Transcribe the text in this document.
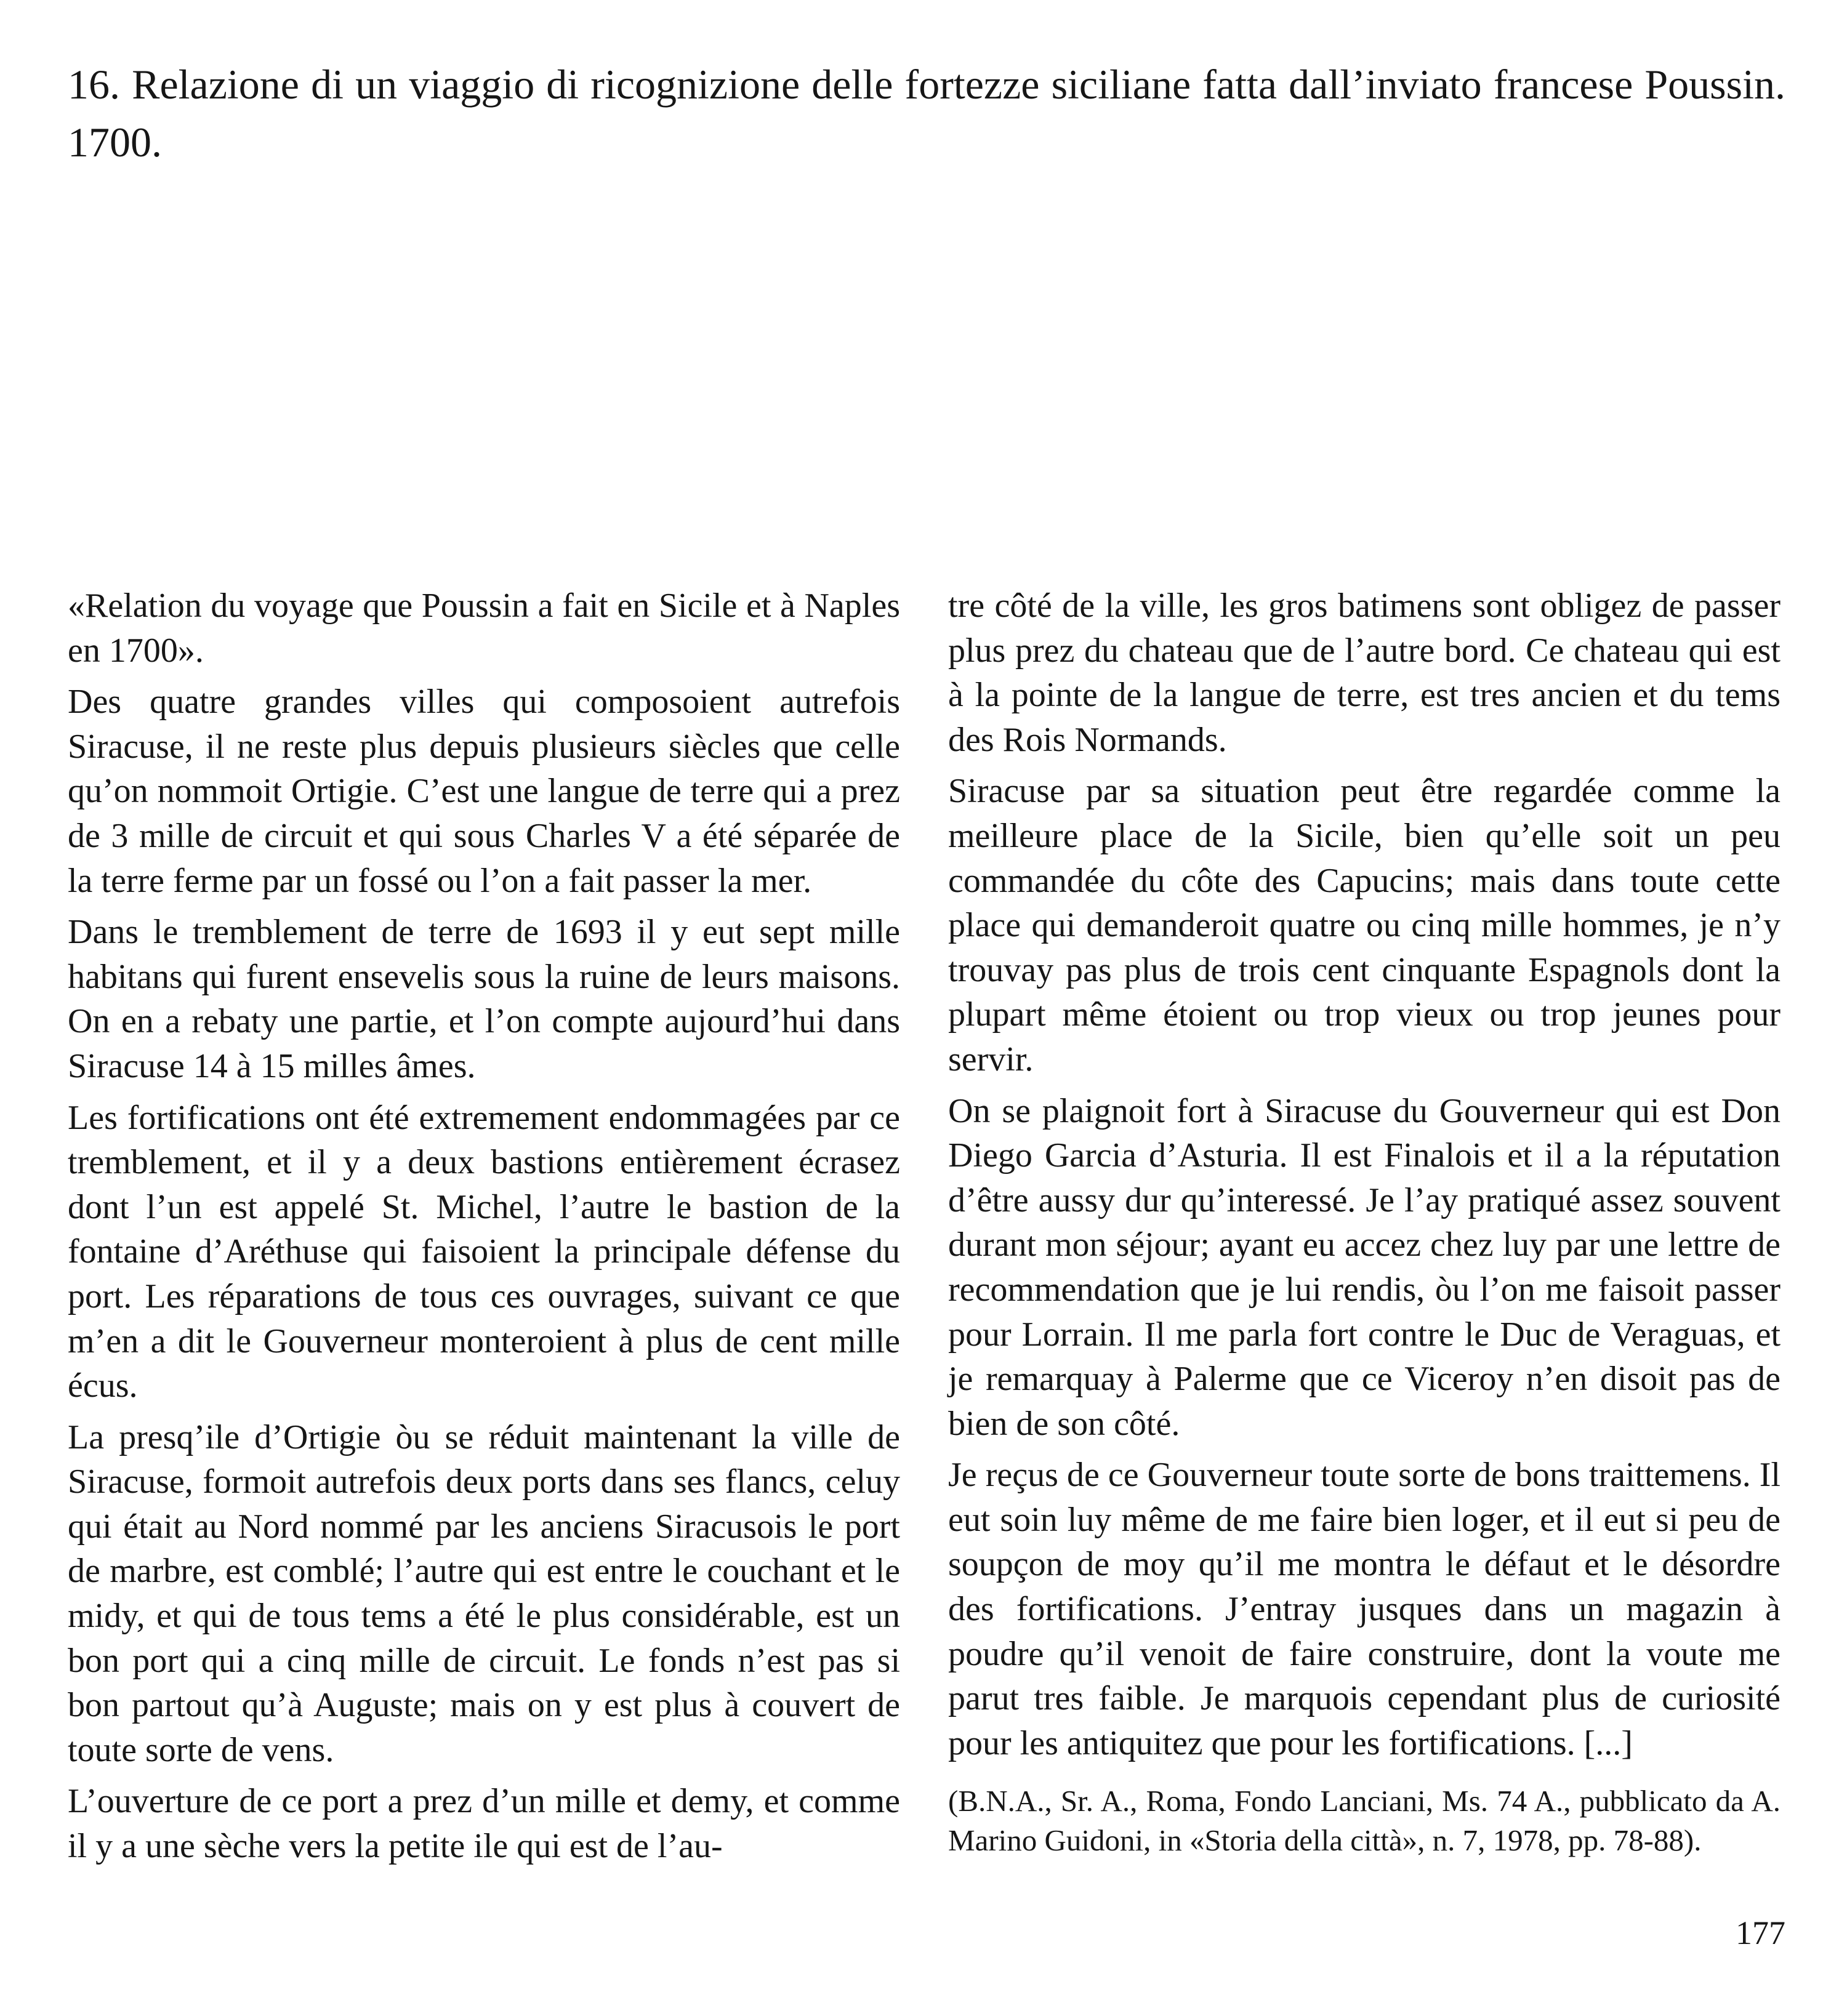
16. Relazione di un viaggio di ricognizione delle fortezze siciliane fatta dall’inviato francese Poussin. 1700.

«Relation du voyage que Poussin a fait en Sicile et à Naples en 1700».

Des quatre grandes villes qui composoient autrefois Siracuse, il ne reste plus depuis plusieurs siècles que celle qu’on nommoit Ortigie. C’est une langue de terre qui a prez de 3 mille de circuit et qui sous Charles V a été séparée de la terre ferme par un fossé ou l’on a fait passer la mer.

Dans le tremblement de terre de 1693 il y eut sept mille habitans qui furent ensevelis sous la ruine de leurs maisons. On en a rebaty une partie, et l’on compte aujourd’hui dans Siracuse 14 à 15 milles âmes.

Les fortifications ont été extremement endommagées par ce tremblement, et il y a deux bastions entièrement écrasez dont l’un est appelé St. Michel, l’autre le bastion de la fontaine d’Aréthuse qui faisoient la principale défense du port. Les réparations de tous ces ouvrages, suivant ce que m’en a dit le Gouverneur monteroient à plus de cent mille écus.

La presq’ile d’Ortigie òu se réduit maintenant la ville de Siracuse, formoit autrefois deux ports dans ses flancs, celuy qui était au Nord nommé par les anciens Siracusois le port de marbre, est comblé; l’autre qui est entre le couchant et le midy, et qui de tous tems a été le plus considérable, est un bon port qui a cinq mille de circuit. Le fonds n’est pas si bon partout qu’à Auguste; mais on y est plus à couvert de toute sorte de vens.

L’ouverture de ce port a prez d’un mille et demy, et comme il y a une sèche vers la petite ile qui est de l’au-

tre côté de la ville, les gros batimens sont obligez de passer plus prez du chateau que de l’autre bord. Ce chateau qui est à la pointe de la langue de terre, est tres ancien et du tems des Rois Normands.

Siracuse par sa situation peut être regardée comme la meilleure place de la Sicile, bien qu’elle soit un peu commandée du côte des Capucins; mais dans toute cette place qui demanderoit quatre ou cinq mille hommes, je n’y trouvay pas plus de trois cent cinquante Espagnols dont la plupart même étoient ou trop vieux ou trop jeunes pour servir.

On se plaignoit fort à Siracuse du Gouverneur qui est Don Diego Garcia d’Asturia. Il est Finalois et il a la réputation d’être aussy dur qu’interessé. Je l’ay pratiqué assez souvent durant mon séjour; ayant eu accez chez luy par une lettre de recommendation que je lui rendis, òu l’on me faisoit passer pour Lorrain. Il me parla fort contre le Duc de Veraguas, et je remarquay à Palerme que ce Viceroy n’en disoit pas de bien de son côté.

Je reçus de ce Gouverneur toute sorte de bons traittemens. Il eut soin luy même de me faire bien loger, et il eut si peu de soupçon de moy qu’il me montra le défaut et le désordre des fortifications. J’entray jusques dans un magazin à poudre qu’il venoit de faire construire, dont la voute me parut tres faible. Je marquois cependant plus de curiosité pour les antiquitez que pour les fortifications. [...]

(B.N.A., Sr. A., Roma, Fondo Lanciani, Ms. 74 A., pubblicato da A. Marino Guidoni, in «Storia della città», n. 7, 1978, pp. 78-88).

177
